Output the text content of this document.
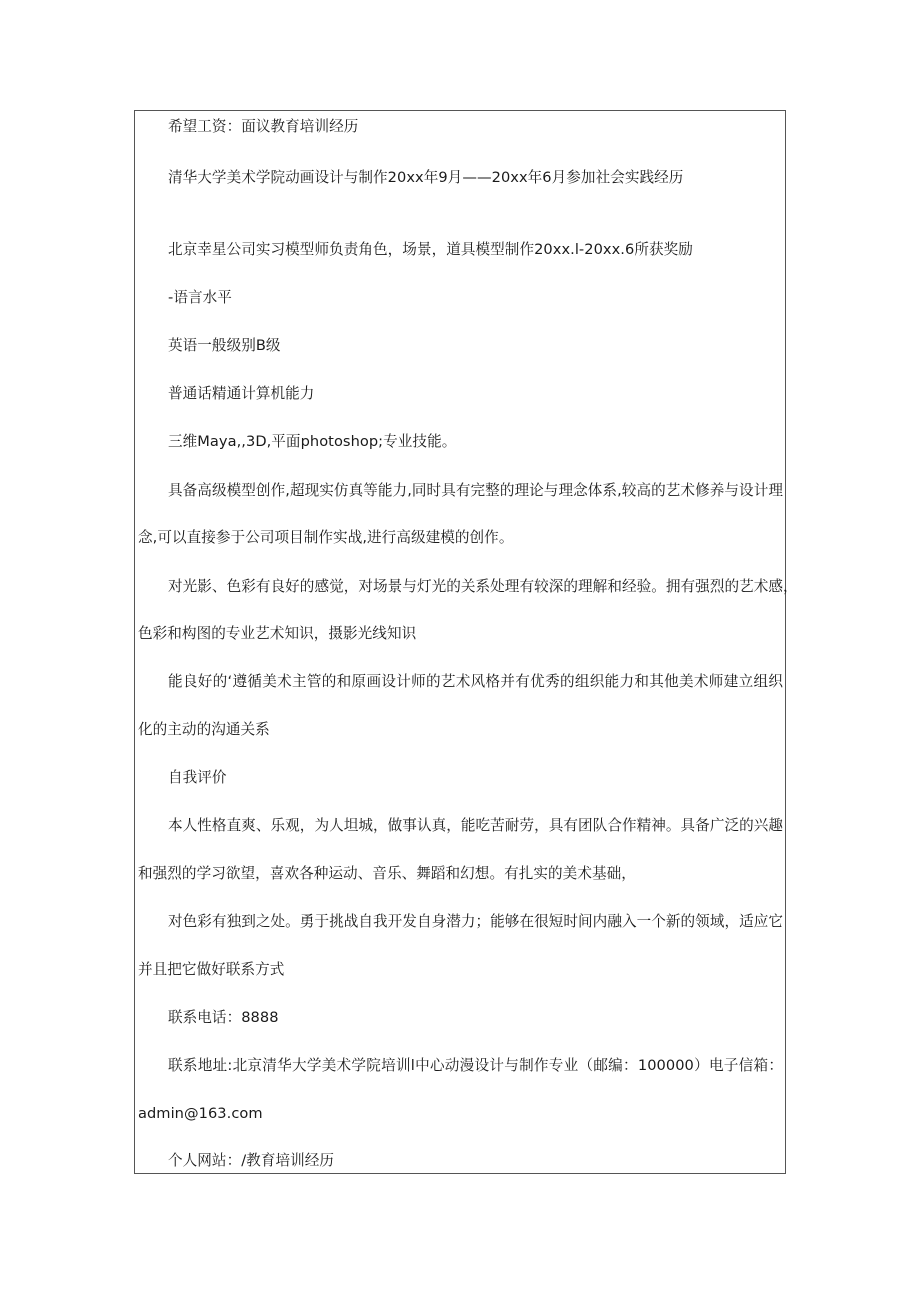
希望工资：面议教育培训经历
清华大学美术学院动画设计与制作20xx年9月——20xx年6月参加社会实践经历
北京幸星公司实习模型师负责角色，场景，道具模型制作20xx.l-20xx.6所获奖励
-语言水平
英语一般级别B级
普通话精通计算机能力
三维Maya,,3D,平面photoshop;专业技能。
具备高级模型创作,超现实仿真等能力,同时具有完整的理论与理念体系,较高的艺术修养与设计理
念,可以直接参于公司项目制作实战,进行高级建模的创作。
对光影、色彩有良好的感觉，对场景与灯光的关系处理有较深的理解和经验。拥有强烈的艺术感，
色彩和构图的专业艺术知识，摄影光线知识
能良好的‘遵循美术主管的和原画设计师的艺术风格并有优秀的组织能力和其他美术师建立组织
化的主动的沟通关系
自我评价
本人性格直爽、乐观，为人坦城，做事认真，能吃苦耐劳，具有团队合作精神。具备广泛的兴趣
和强烈的学习欲望，喜欢各种运动、音乐、舞蹈和幻想。有扎实的美术基础，
对色彩有独到之处。勇于挑战自我开发自身潜力；能够在很短时间内融入一个新的领域，适应它
并且把它做好联系方式
联系电话：8888
联系地址:北京清华大学美术学院培训l中心动漫设计与制作专业（邮编：100000）电子信箱：
admin@163.com
个人网站：/教育培训经历
